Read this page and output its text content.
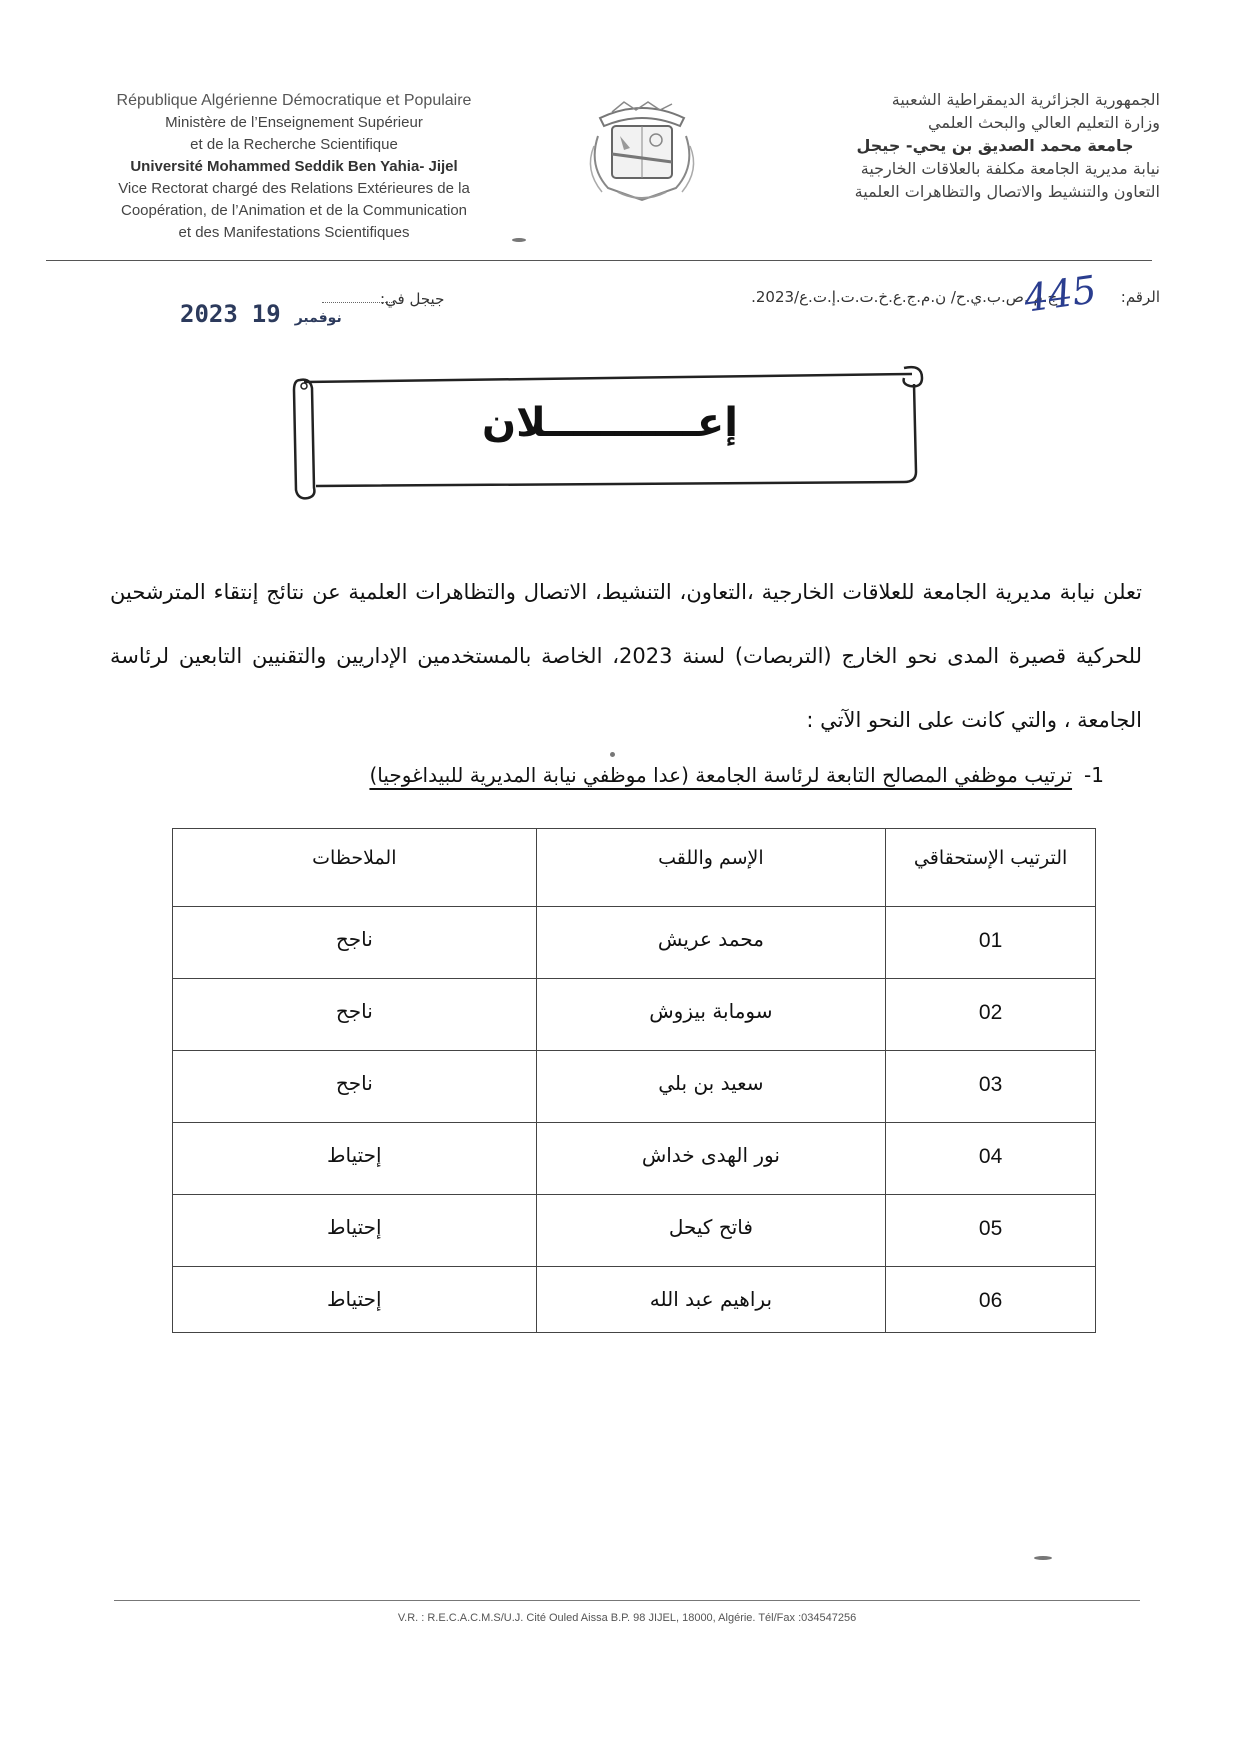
République Algérienne Démocratique et Populaire
Ministère de l’Enseignement Supérieur
et de la Recherche Scientifique
Université Mohammed Seddik Ben Yahia- Jijel
Vice Rectorat chargé des Relations Extérieures de la
Coopération, de l’Animation et de la Communication
et des Manifestations Scientifiques
الجمهورية الجزائرية الديمقراطية الشعبية
وزارة التعليم العالي والبحث العلمي
جامعة محمد الصديق بن يحي- جيجل
نيابة مديرية الجامعة مكلفة بالعلاقات الخارجية
التعاون والتنشيط والاتصال والتظاهرات العلمية
جيجل في:
2023	نوفمبر19
الرقم:  ج.م .ص.ب.ي.ح/ ن.م.ج.ع.خ.ت.ت.إ.ت.ع/2023.
445
إعـــــــــــلان
تعلن نيابة مديرية الجامعة للعلاقات الخارجية ،التعاون، التنشيط، الاتصال والتظاهرات العلمية عن نتائج إنتقاء المترشحين للحركية قصيرة المدى نحو الخارج (التربصات) لسنة 2023، الخاصة بالمستخدمين الإداريين والتقنيين التابعين لرئاسة الجامعة ، والتي كانت على النحو الآتي :
1-ترتيب موظفي المصالح التابعة لرئاسة الجامعة (عدا موظفي نيابة المديرية للبيداغوجيا)
الترتيب الإستحقاقي	الإسم واللقب	الملاحظات
01	محمد عريش	ناجح
02	سومابة بيزوش	ناجح
03	سعيد بن بلي	ناجح
04	نور الهدى خداش	إحتياط
05	فاتح كيحل	إحتياط
06	براهيم عبد الله	إحتياط
V.R. : R.E.C.A.C.M.S/U.J. Cité Ouled Aissa B.P. 98 JIJEL, 18000, Algérie. Tél/Fax :034547256
